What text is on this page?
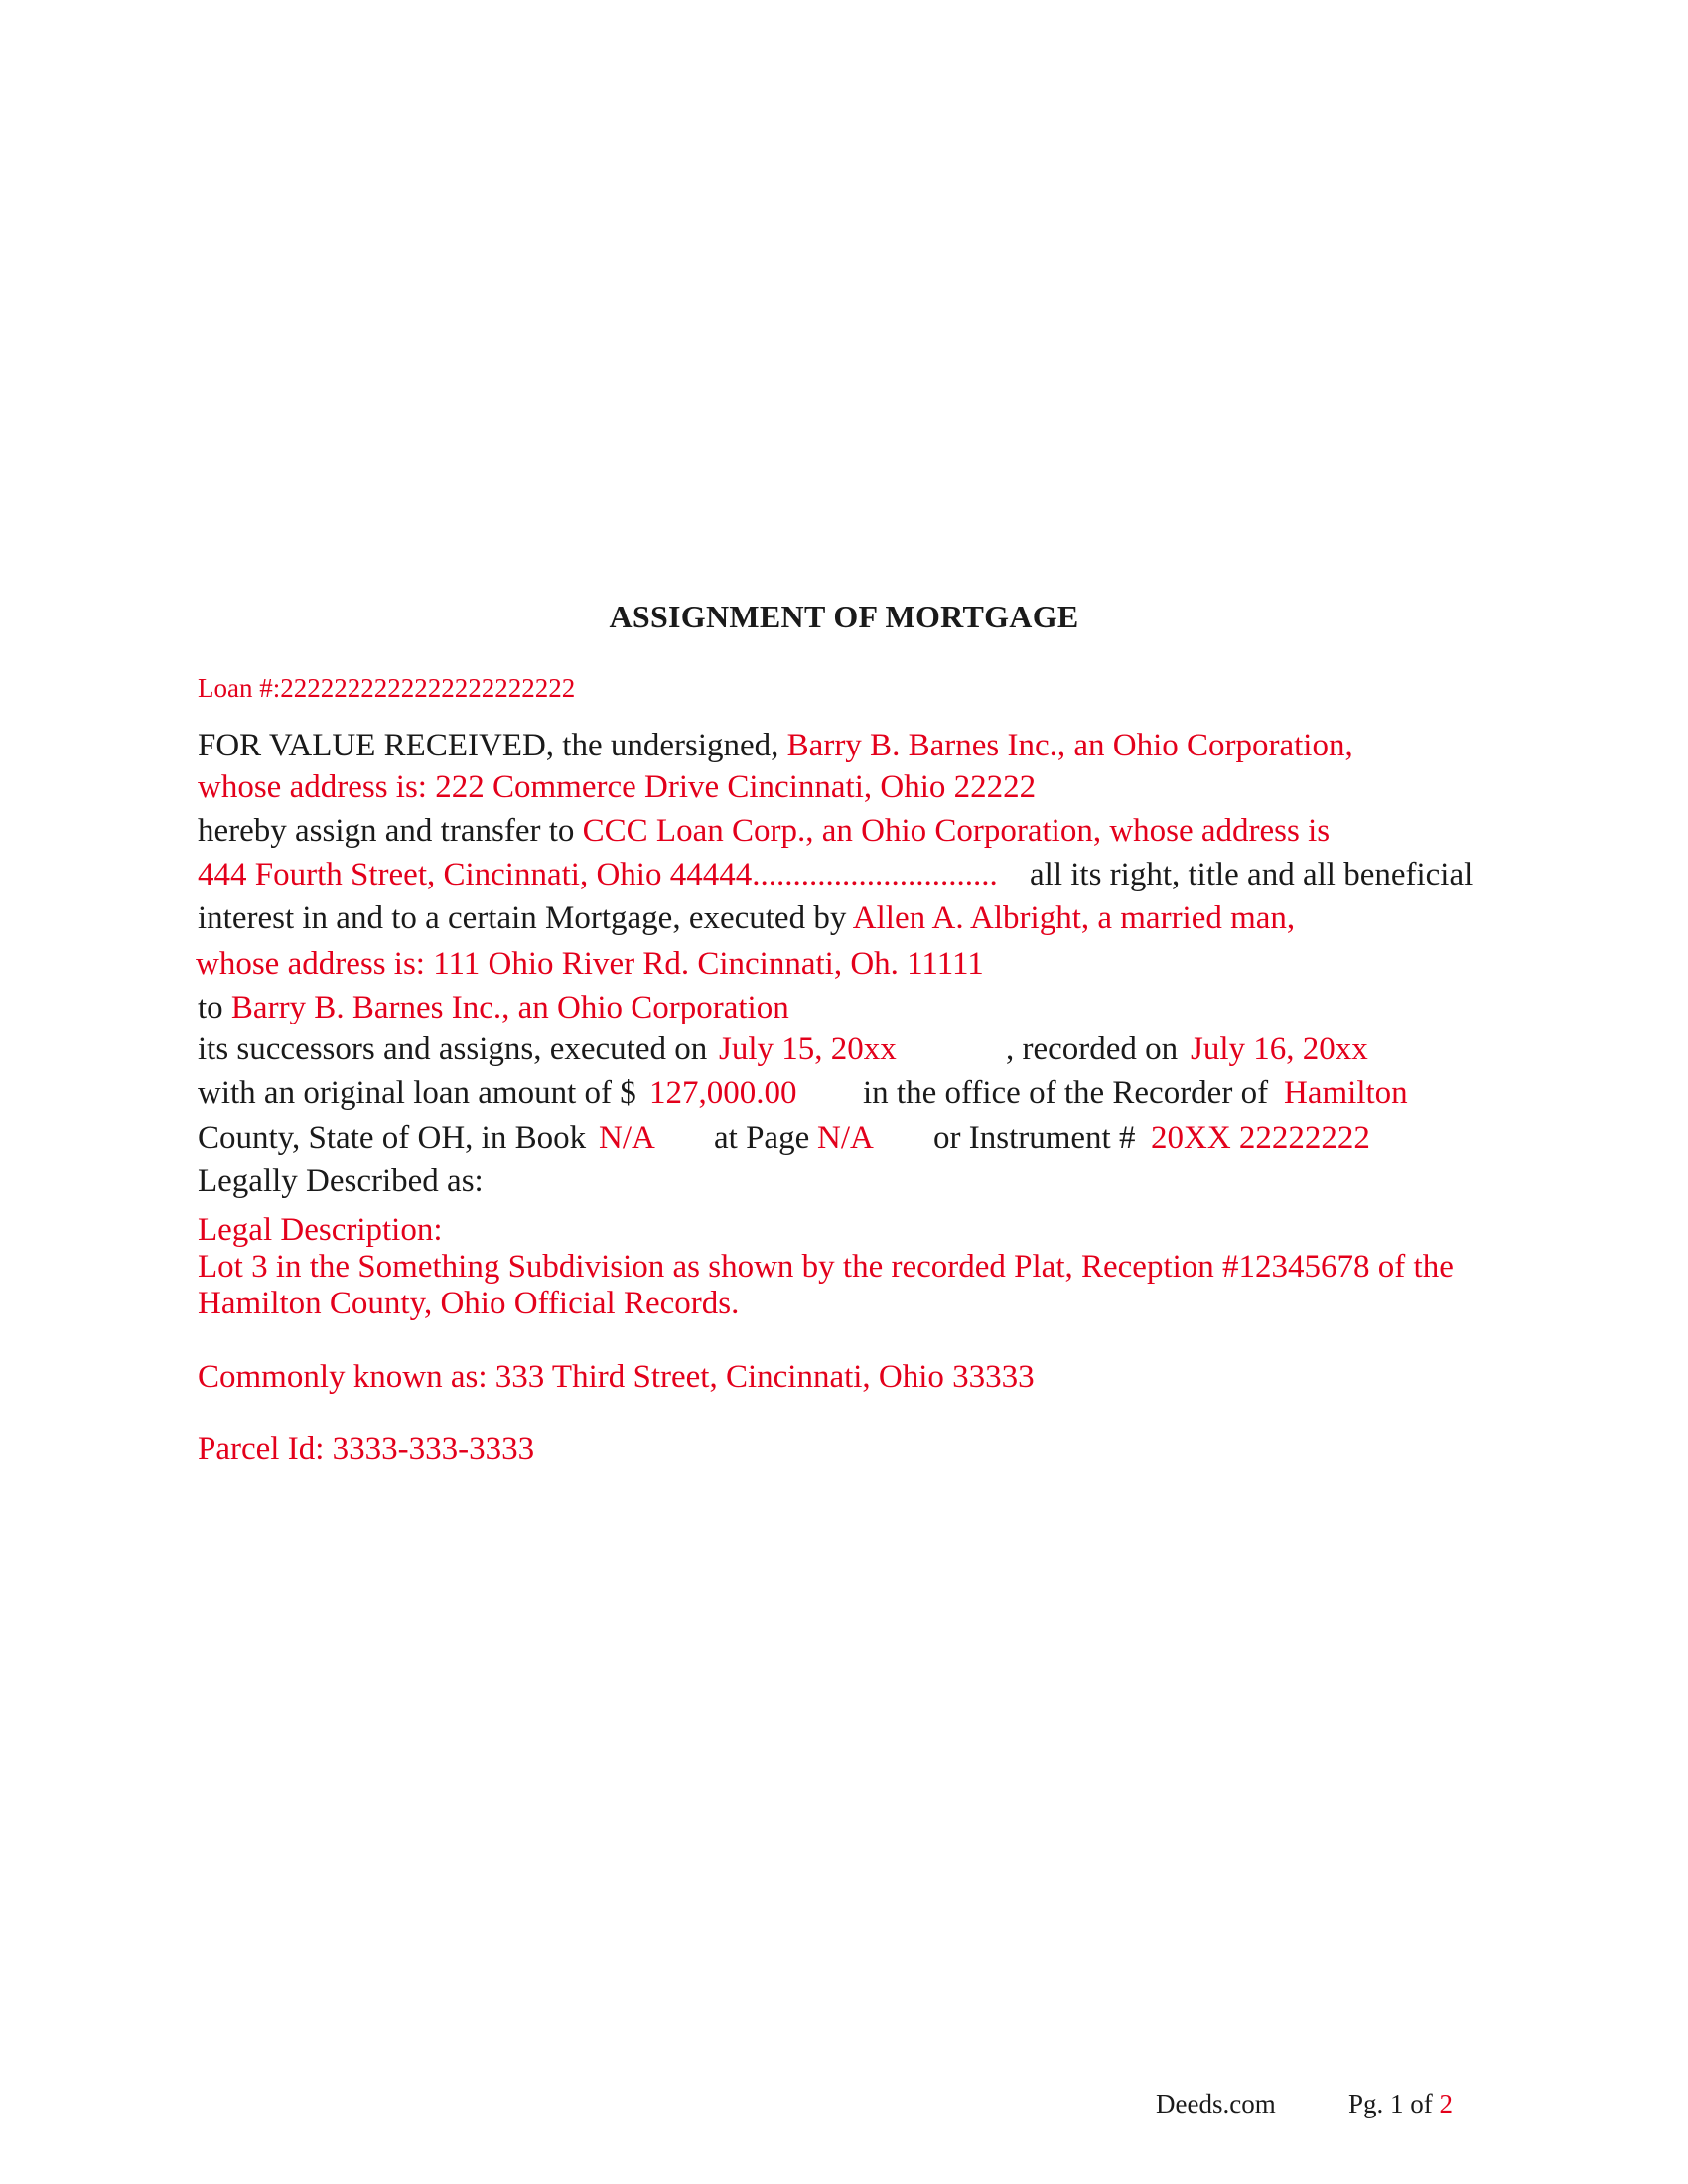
ASSIGNMENT OF MORTGAGE
Loan #:2222222222222222222222
FOR VALUE RECEIVED, the undersigned, Barry B. Barnes Inc., an Ohio Corporation,
whose address is: 222 Commerce Drive Cincinnati, Ohio 22222
hereby assign and transfer to CCC Loan Corp., an Ohio Corporation, whose address is
444 Fourth Street, Cincinnati, Ohio 44444.............................. all its right, title and all beneficial
interest in and to a certain Mortgage, executed by Allen A. Albright, a married man,
whose address is: 111 Ohio River Rd. Cincinnati, Oh. 11111
to Barry B. Barnes Inc., an Ohio Corporation
its successors and assigns, executed on July 15, 20xx	, recorded on July 16, 20xx
with an original loan amount of $ 127,000.00 in the office of the Recorder of Hamilton
County, State of OH, in Book N/A at Page N/A or Instrument # 20XX 22222222
Legally Described as:
Legal Description:
Lot 3 in the Something Subdivision as shown by the recorded Plat, Reception #12345678 of the
Hamilton County, Ohio Official Records.
Commonly known as: 333 Third Street, Cincinnati, Ohio 33333
Parcel Id: 3333-333-3333
Deeds.com	Pg. 1 of 2
